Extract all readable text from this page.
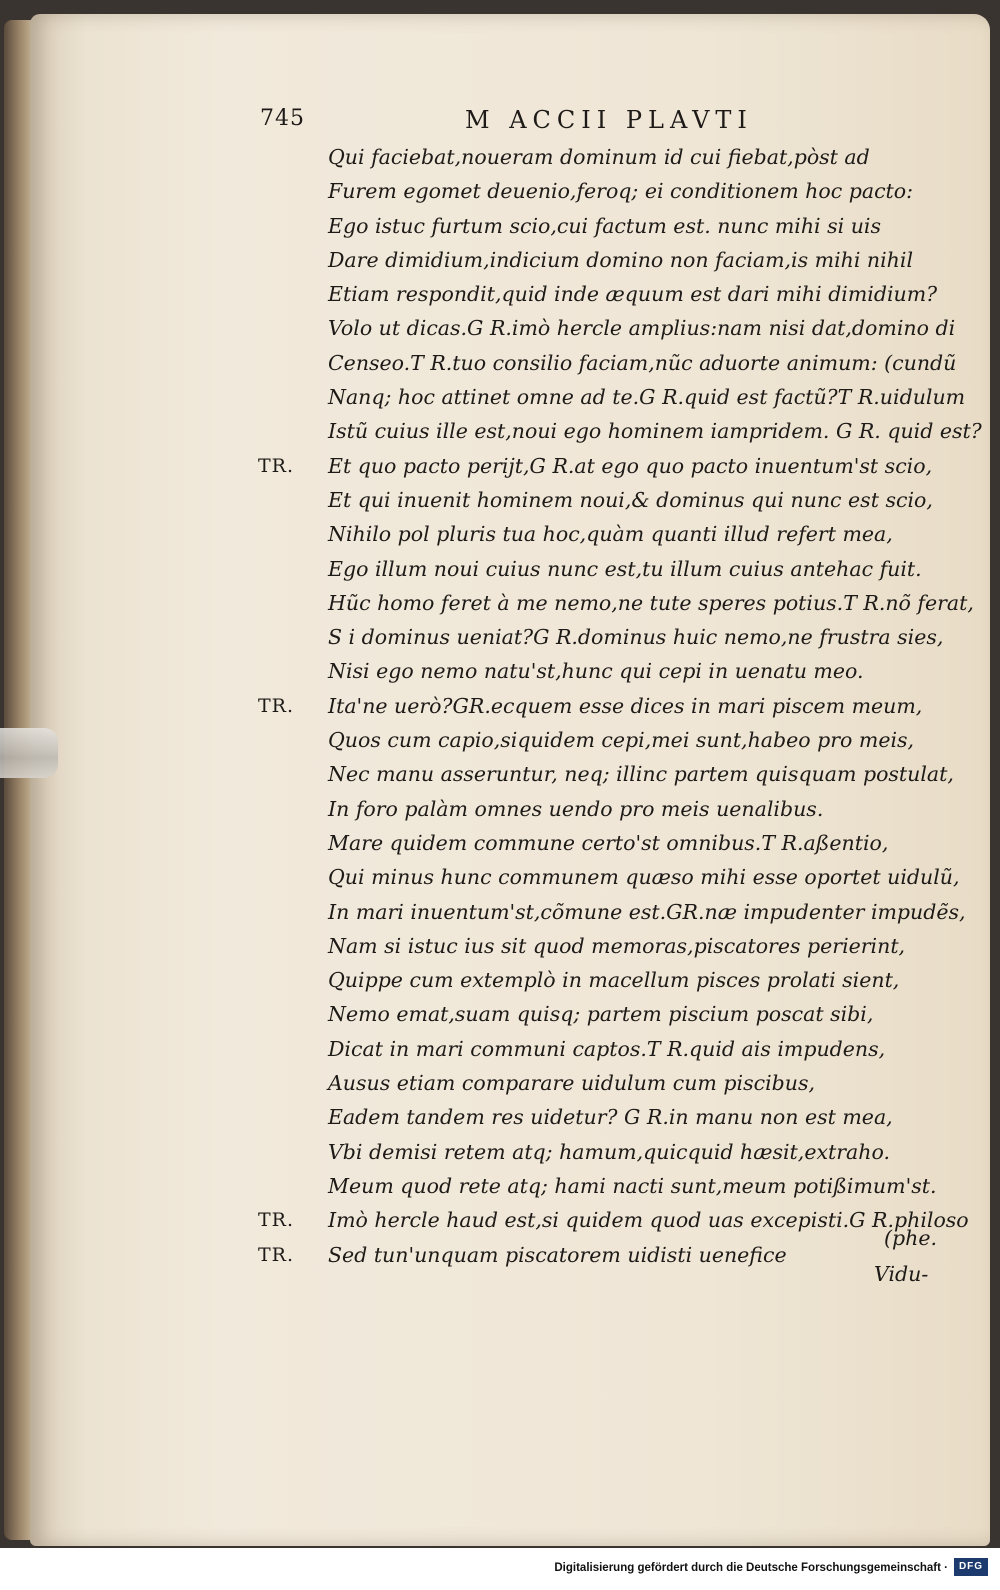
745	M ACCII PLAVTI
Qui faciebat,noueram dominum id cui fiebat,pòst ad
Furem egomet deuenio,feroq; ei conditionem hoc pacto:
Ego istuc furtum scio,cui factum est. nunc mihi si uis
Dare dimidium,indicium domino non faciam,is mihi nihil
Etiam respondit,quid inde æquum est dari mihi dimidium?
Volo ut dicas.G R.imò hercle amplius:nam nisi dat,domino di
Censeo.T R.tuo consilio faciam,nũc aduorte animum: (cundũ
Nanq; hoc attinet omne ad te.G R.quid est factũ?T R.uidulum
Istũ cuius ille est,noui ego hominem iampridem. G R. quid est?
TR. Et quo pacto perijt,G R.at ego quo pacto inuentum'st scio,
Et qui inuenit hominem noui,& dominus qui nunc est scio,
Nihilo pol pluris tua hoc,quàm quanti illud refert mea,
Ego illum noui cuius nunc est,tu illum cuius antehac fuit.
Hũc homo feret à me nemo,ne tute speres potius.T R.nõ ferat,
S i dominus ueniat?G R.dominus huic nemo,ne frustra sies,
Nisi ego nemo natu'st,hunc qui cepi in uenatu meo.
TR. Ita'ne uerò?GR.ecquem esse dices in mari piscem meum,
Quos cum capio,siquidem cepi,mei sunt,habeo pro meis,
Nec manu asseruntur, neq; illinc partem quisquam postulat,
In foro palàm omnes uendo pro meis uenalibus.
Mare quidem commune certo'st omnibus.T R.aßentio,
Qui minus hunc communem quæso mihi esse oportet uidulũ,
In mari inuentum'st,cõmune est.GR.næ impudenter impudẽs,
Nam si istuc ius sit quod memoras,piscatores perierint,
Quippe cum extemplò in macellum pisces prolati sient,
Nemo emat,suam quisq; partem piscium poscat sibi,
Dicat in mari communi captos.T R.quid ais impudens,
Ausus etiam comparare uidulum cum piscibus,
Eadem tandem res uidetur? G R.in manu non est mea,
Vbi demisi retem atq; hamum,quicquid hæsit,extraho.
Meum quod rete atq; hami nacti sunt,meum potißimum'st.
TR. Imò hercle haud est,si quidem quod uas excepisti.G R.philoso
TR. Sed tun'unquam piscatorem uidisti uenefice
(phe.
Vidu-
Digitalisierung gefördert durch die Deutsche Forschungsgemeinschaft ·	DFG
